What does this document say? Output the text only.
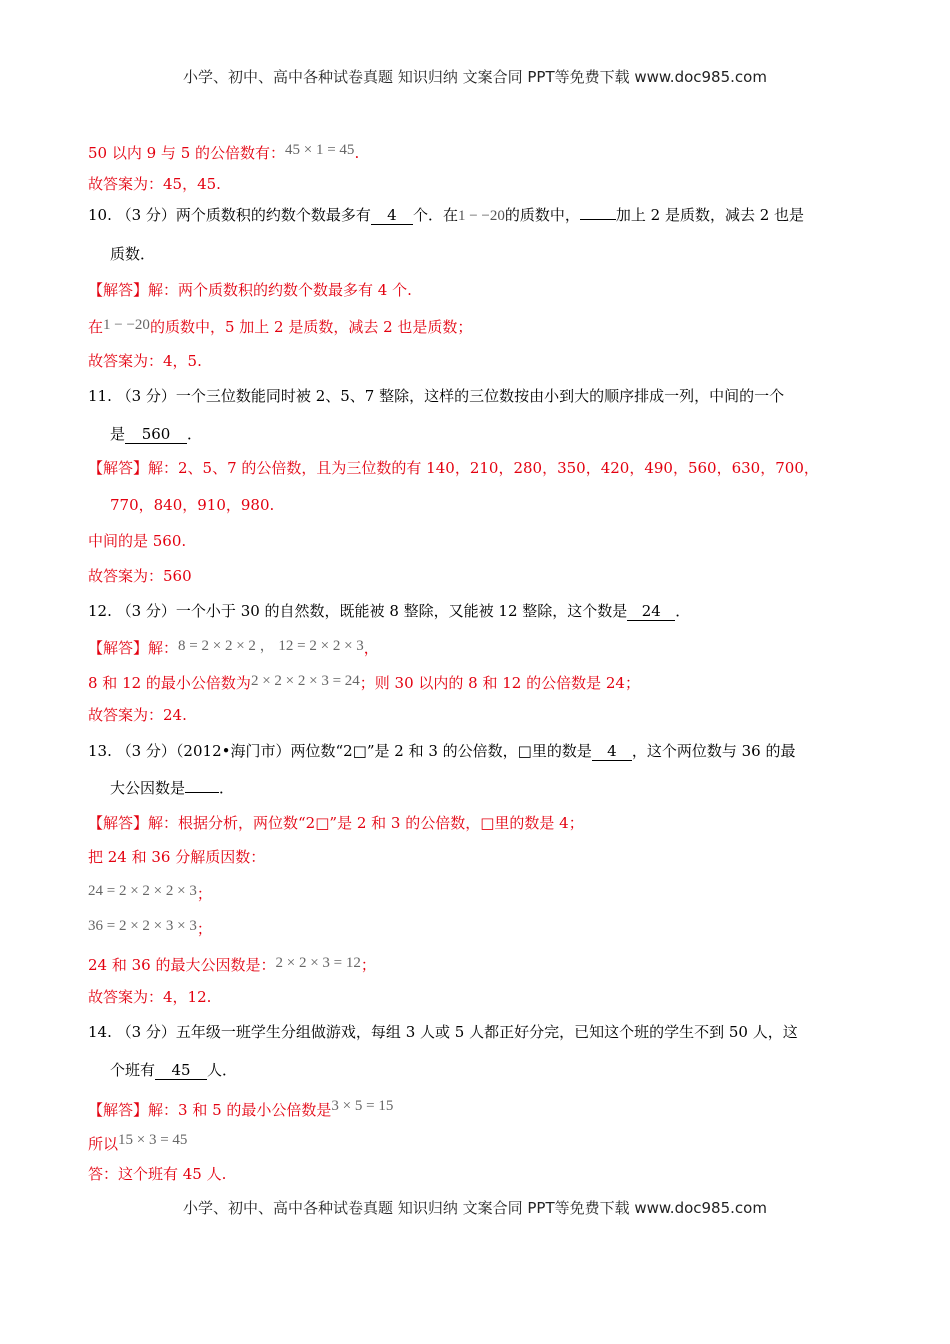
小学、初中、高中各种试卷真题 知识归纳 文案合同 PPT等免费下载 www.doc985.com
50 以内 9 与 5 的公倍数有：45 × 1 = 45.
故答案为：45，45.
10. （3 分）两个质数积的约数个数最多有 4 个．在1 − −20的质数中， 加上 2 是质数，减去 2 也是
质数．
【解答】解：两个质数积的约数个数最多有 4 个.
在1 − −20的质数中，5 加上 2 是质数，减去 2 也是质数；
故答案为：4，5.
11. （3 分）一个三位数能同时被 2、5、7 整除，这样的三位数按由小到大的顺序排成一列，中间的一个
是 560 ．
【解答】解：2、5、7 的公倍数，且为三位数的有 140，210，280，350，420，490，560，630，700，
770，840，910，980.
中间的是 560.
故答案为：560
12. （3 分）一个小于 30 的自然数，既能被 8 整除，又能被 12 整除，这个数是 24 ．
【解答】解：8 = 2 × 2 × 2 ， 12 = 2 × 2 × 3，
8 和 12 的最小公倍数为2 × 2 × 2 × 3 = 24；则 30 以内的 8 和 12 的公倍数是 24；
故答案为：24.
13. （3 分）（2012•海门市）两位数“2□”是 2 和 3 的公倍数，□里的数是 4 ，这个两位数与 36 的最
大公因数是 ．
【解答】解：根据分析，两位数“2□”是 2 和 3 的公倍数，□里的数是 4；
把 24 和 36 分解质因数：
24 = 2 × 2 × 2 × 3；
36 = 2 × 2 × 3 × 3；
24 和 36 的最大公因数是：2 × 2 × 3 = 12；
故答案为：4，12.
14. （3 分）五年级一班学生分组做游戏，每组 3 人或 5 人都正好分完，已知这个班的学生不到 50 人，这
个班有 45 人．
【解答】解：3 和 5 的最小公倍数是3 × 5 = 15
所以15 × 3 = 45
答：这个班有 45 人.
小学、初中、高中各种试卷真题 知识归纳 文案合同 PPT等免费下载 www.doc985.com
